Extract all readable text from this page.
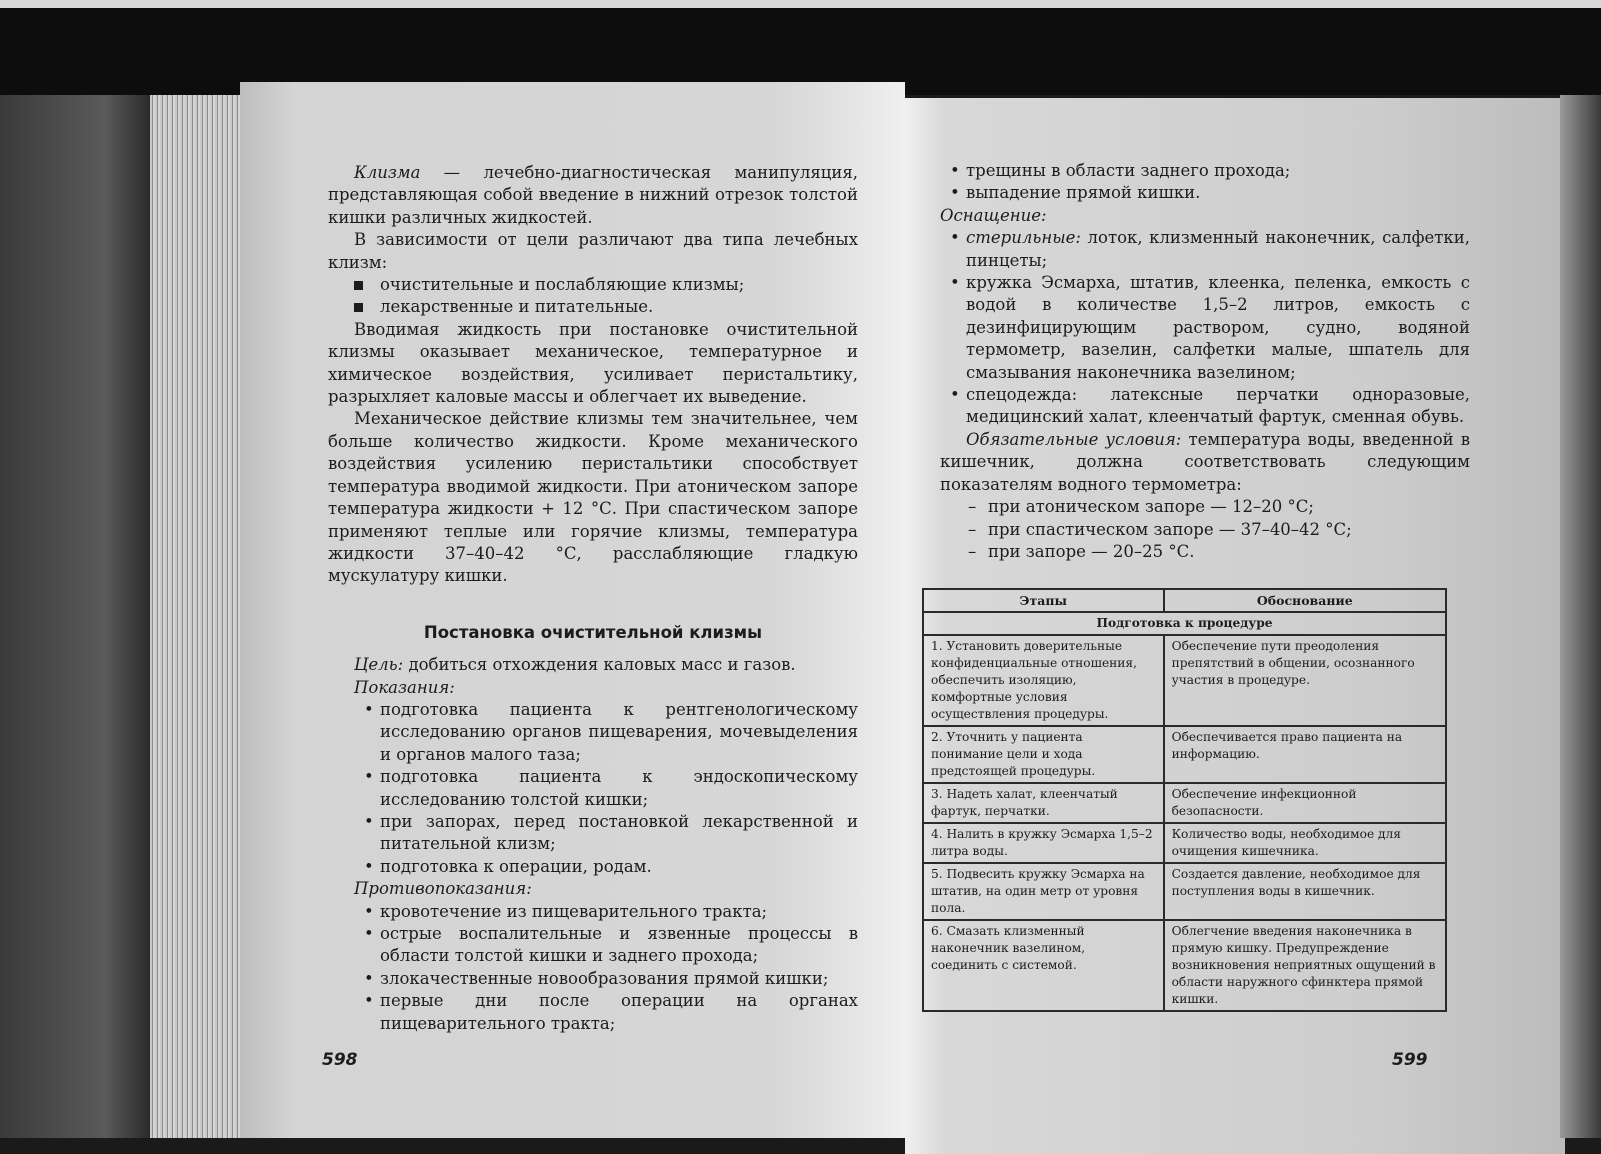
Клизма — лечебно-диагностическая манипуляция, представляющая собой введение в нижний отрезок толстой кишки различных жидкостей.

В зависимости от цели различают два типа лечебных клизм:

очистительные и послабляющие клизмы;
лекарственные и питательные.

Вводимая жидкость при постановке очистительной клизмы оказывает механическое, температурное и химическое воздействия, усиливает перистальтику, разрыхляет каловые массы и облегчает их выведение.

Механическое действие клизмы тем значительнее, чем больше количество жидкости. Кроме механического воздействия усилению перистальтики способствует температура вводимой жидкости. При атоническом запоре температура жидкости + 12 °С. При спастическом запоре применяют теплые или горячие клизмы, температура жидкости 37–40–42 °С, расслабляющие гладкую мускулатуру кишки.

Постановка очистительной клизмы

Цель: добиться отхождения каловых масс и газов.

Показания:

• подготовка пациента к рентгенологическому исследованию органов пищеварения, мочевыделения и органов малого таза;
• подготовка пациента к эндоскопическому исследованию толстой кишки;
• при запорах, перед постановкой лекарственной и питательной клизм;
• подготовка к операции, родам.

Противопоказания:

• кровотечение из пищеварительного тракта;
• острые воспалительные и язвенные процессы в области толстой кишки и заднего прохода;
• злокачественные новообразования прямой кишки;
• первые дни после операции на органах пищеварительного тракта;
598
• трещины в области заднего прохода;
• выпадение прямой кишки.

Оснащение:

• стерильные: лоток, клизменный наконечник, салфетки, пинцеты;
• кружка Эсмарха, штатив, клеенка, пеленка, емкость с водой в количестве 1,5–2 литров, емкость с дезинфицирующим раствором, судно, водяной термометр, вазелин, салфетки малые, шпатель для смазывания наконечника вазелином;
• спецодежда: латексные перчатки одноразовые, медицинский халат, клеенчатый фартук, сменная обувь.

Обязательные условия: температура воды, введенной в кишечник, должна соответствовать следующим показателям водного термометра:

– при атоническом запоре — 12–20 °С;
– при спастическом запоре — 37–40–42 °С;
– при запоре — 20–25 °С.
Этапы	Обоснование
Подготовка к процедуре	
1. Установить доверительные конфиденциальные отношения, обеспечить изоляцию, комфортные условия осуществления процедуры.	Обеспечение пути преодоления препятствий в общении, осознанного участия в процедуре.
2. Уточнить у пациента понимание цели и хода предстоящей процедуры.	Обеспечивается право пациента на информацию.
3. Надеть халат, клеенчатый фартук, перчатки.	Обеспечение инфекционной безопасности.
4. Налить в кружку Эсмарха 1,5–2 литра воды.	Количество воды, необходимое для очищения кишечника.
5. Подвесить кружку Эсмарха на штатив, на один метр от уровня пола.	Создается давление, необходимое для поступления воды в кишечник.
6. Смазать клизменный наконечник вазелином, соединить с системой.	Облегчение введения наконечника в прямую кишку. Предупреждение возникновения неприятных ощущений в области наружного сфинктера прямой кишки.
599
